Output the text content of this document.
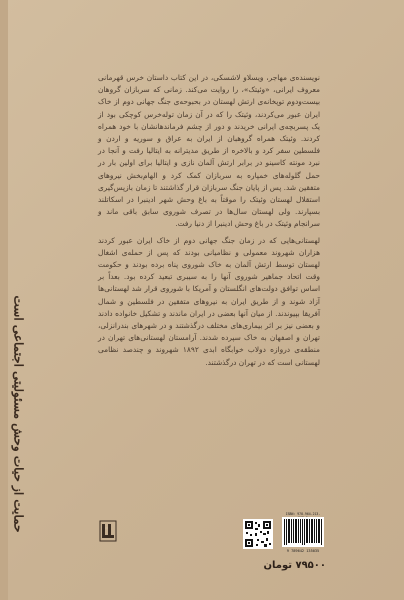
نویسنده‌ی مهاجر، ویسلاو لاشسکی، در این کتاب داستان خرس قهرمانی معروف ایرانی، «وئیتک»، را روایت می‌کند. زمانی که سربازان گروهان بیست‌ودوم توپخانه‌ی ارتش لهستان در بحبوحه‌ی جنگ جهانی دوم از خاک ایران عبور می‌کردند، وئیتک را که در آن زمان توله‌خرس کوچکی بود از یک پسربچه‌ی ایرانی خریدند و دور از چشم فرماندهانشان با خود همراه کردند. وئیتک همراه گروهبان از ایران به عراق و سوریه و اردن و فلسطین سفر کرد و بالاخره از طریق مدیترانه به ایتالیا رفت و آنجا در نبرد مونته کاسینو در برابر ارتش آلمان نازی و ایتالیا برای اولین بار در حمل گلوله‌های خمپاره به سربازان کمک کرد و الهام‌بخش نیروهای متفقین شد. پس از پایان جنگ سربازان قرار گذاشتند تا زمان بازپس‌گیری استقلال لهستان وئیتک را موقتاً به باغ وحش شهر ادینبرا در اسکاتلند بسپارند. ولی لهستان سال‌ها در تصرف شوروی سابق باقی ماند و سرانجام وئیتک در باغ وحش ادینبرا از دنیا رفت.

لهستانی‌هایی که در زمان جنگ جهانی دوم از خاک ایران عبور کردند هزاران شهروند معمولی و نظامیانی بودند که پس از حمله‌ی اشغال لهستان توسط ارتش آلمان به خاک شوروی پناه برده بودند و حکومت وقت اتحاد جماهیر شوروی آنها را به سیبری تبعید کرده بود. بعداً بر اساس توافق دولت‌های انگلستان و آمریکا با شوروی قرار شد لهستانی‌ها آزاد شوند و از طریق ایران به نیروهای متفقین در فلسطین و شمال آفریقا بپیوندند. از میان آنها بعضی در ایران ماندند و تشکیل خانواده دادند و بعضی نیز بر اثر بیماری‌های مختلف درگذشتند و در شهرهای بندرانزلی، تهران و اصفهان به خاک سپرده شدند. آرامستان لهستانی‌های تهران در منطقه‌ی دروازه دولاب خوابگاه ابدی ۱۸۹۲ شهروند و چندصد نظامی لهستانی است که در تهران درگذشتند.

حمایت از حیات وحش مسئولیتی اجتماعی است	ISBN: 978-964-213-
9 789642 135035
۷۹۵۰۰ تومان
